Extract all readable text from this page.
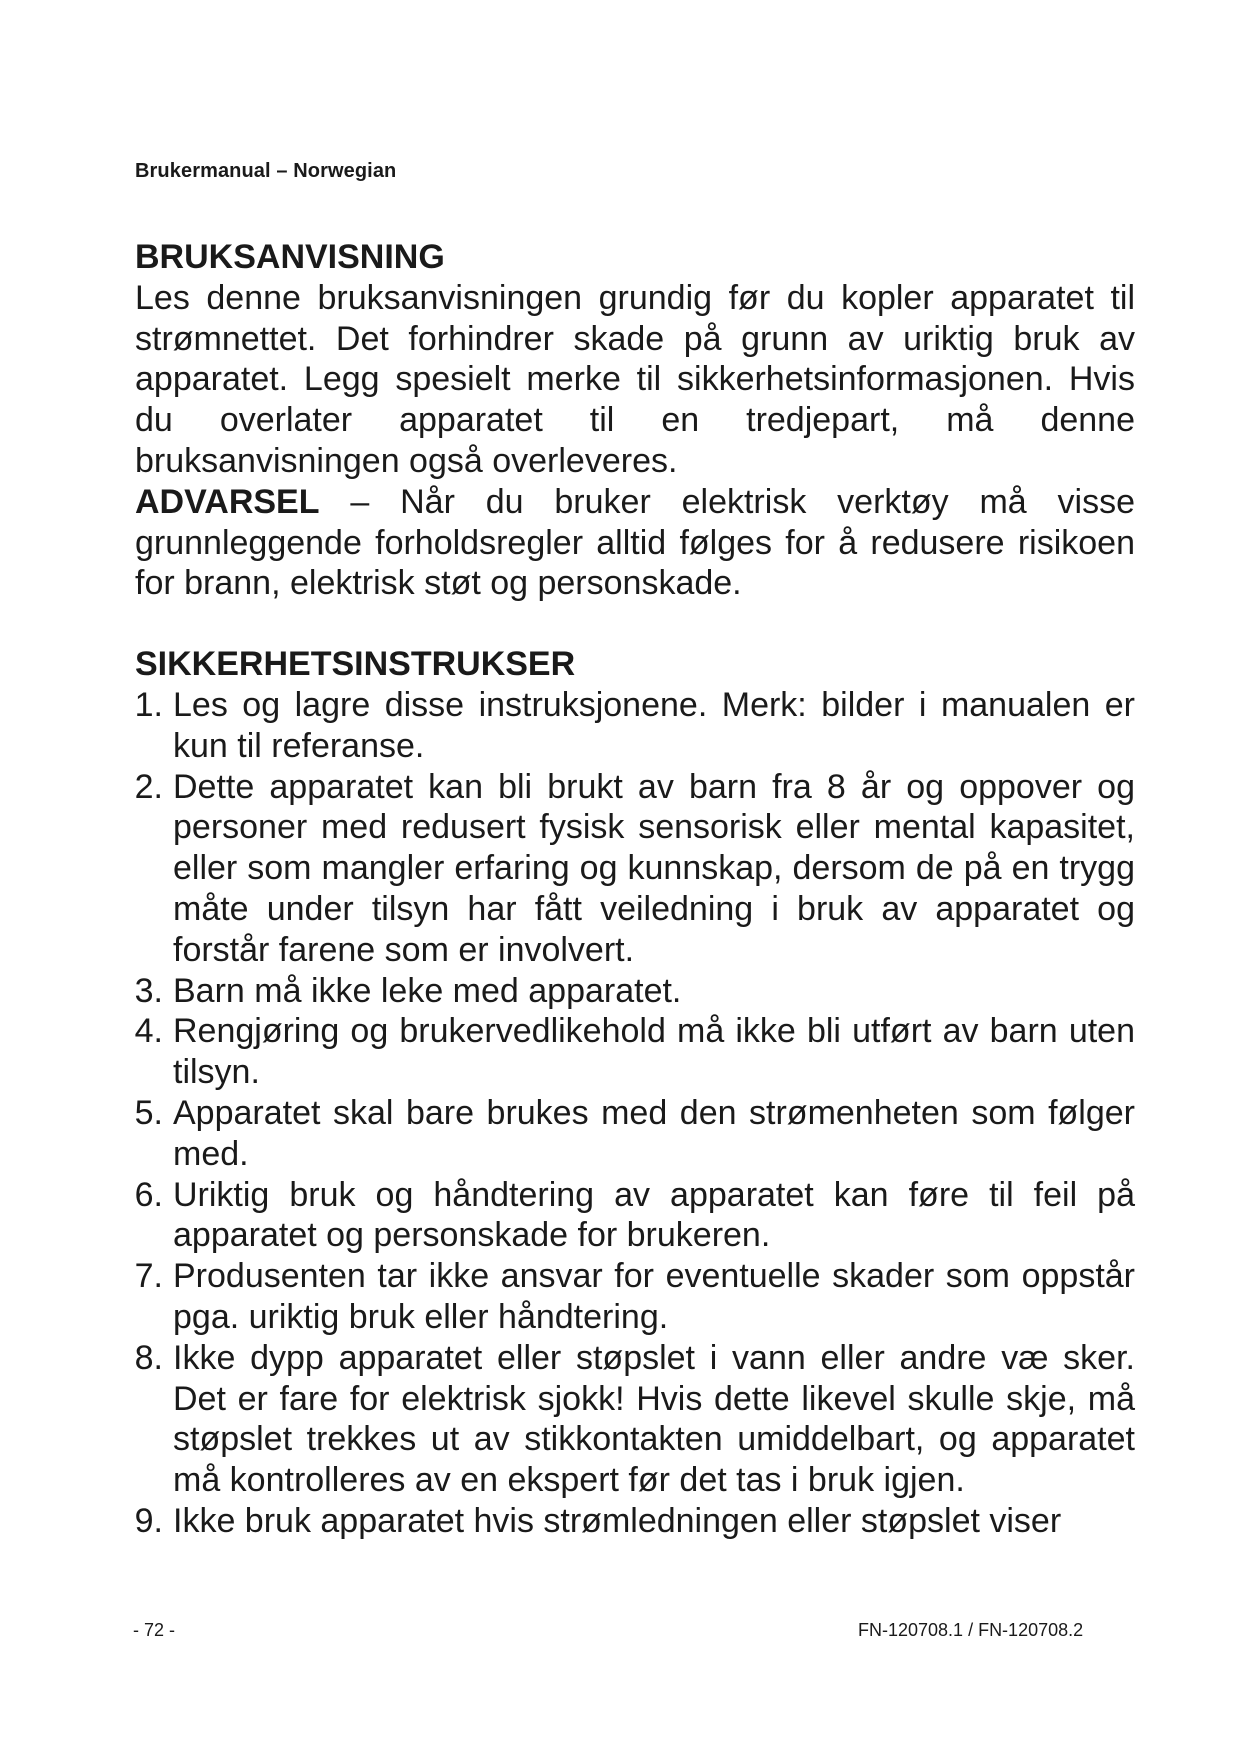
Brukermanual – Norwegian
BRUKSANVISNING

Les denne bruksanvisningen grundig før du kopler apparatet til strømnettet. Det forhindrer skade på grunn av uriktig bruk av apparatet. Legg spesielt merke til sikkerhetsinformasjonen. Hvis du overlater apparatet til en tredjepart, må denne bruksanvisningen også overleveres.

ADVARSEL – Når du bruker elektrisk verktøy må visse grunnleggende forholdsregler alltid følges for å redusere risikoen for brann, elektrisk støt og personskade.

SIKKERHETSINSTRUKSER
1. Les og lagre disse instruksjonene. Merk: bilder i manualen er kun til referanse.
2. Dette apparatet kan bli brukt av barn fra 8 år og oppover og personer med redusert fysisk sensorisk eller mental kapasitet, eller som mangler erfaring og kunnskap, dersom de på en trygg måte under tilsyn har fått veiledning i bruk av apparatet og forstår farene som er involvert.
3. Barn må ikke leke med apparatet.
4. Rengjøring og brukervedlikehold må ikke bli utført av barn uten tilsyn.
5. Apparatet skal bare brukes med den strømenheten som følger med.
6. Uriktig bruk og håndtering av apparatet kan føre til feil på apparatet og personskade for brukeren.
7. Produsenten tar ikke ansvar for eventuelle skader som oppstår pga. uriktig bruk eller håndtering.
8. Ikke dypp apparatet eller støpslet i vann eller andre væ sker. Det er fare for elektrisk sjokk! Hvis dette likevel skulle skje, må støpslet trekkes ut av stikkontakten umiddelbart, og apparatet må kontrolleres av en ekspert før det tas i bruk igjen.
9. Ikke bruk apparatet hvis strømledningen eller støpslet viser
- 72 -	FN-120708.1 / FN-120708.2
